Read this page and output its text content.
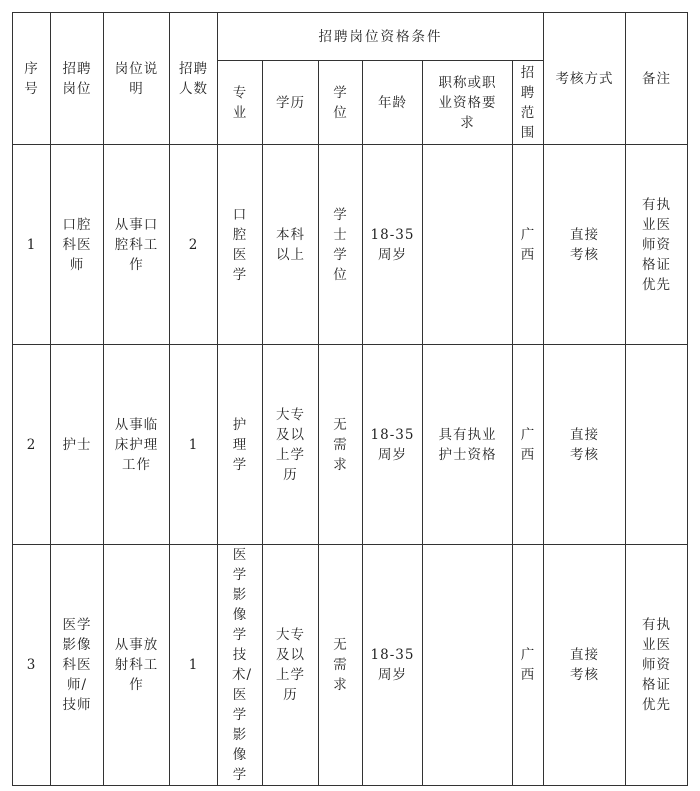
序号	招聘岗位	岗位说明	招聘人数	招聘岗位资格条件						考核方式	备注
				专业	学历	学位	年龄	职称或职业资格要求	招聘范围		
1	口腔科医师	从事口腔科工作	2	口腔医学	本科以上	学士学位	18-35周岁		广西	直接考核	有执业医师资格证优先
2	护士	从事临床护理工作	1	护理学	大专及以上学历	无需求	18-35周岁	具有执业护士资格	广西	直接考核	
3	医学影像科医师/技师	从事放射科工作	1	医学影像学技术/医学影像学	大专及以上学历	无需求	18-35周岁		广西	直接考核	有执业医师资格证优先
